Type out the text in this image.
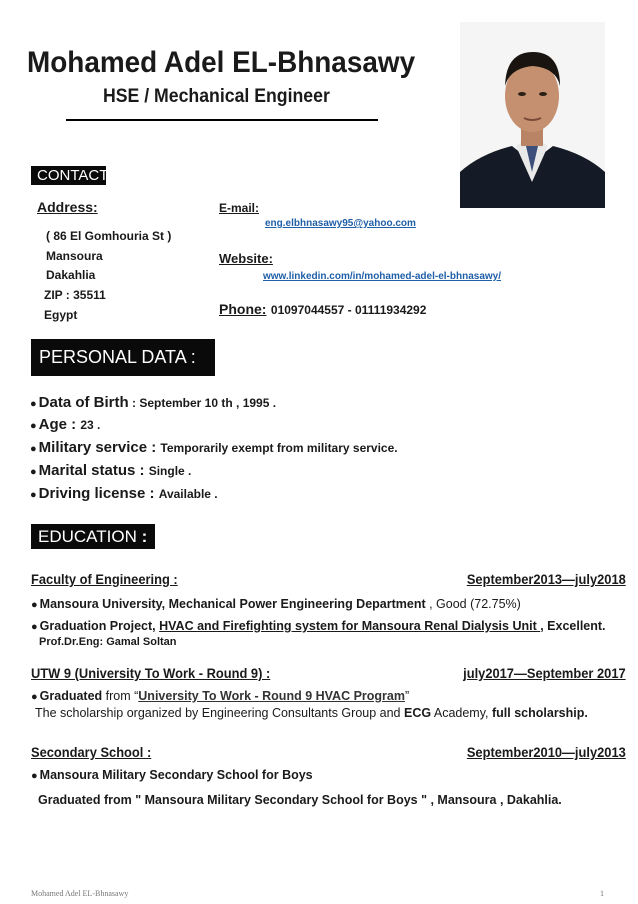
Mohamed Adel EL-Bhnasawy
HSE / Mechanical Engineer
CONTACT :
Address:
( 86 El Gomhouria St )
Mansoura
Dakahlia
ZIP : 35511
Egypt
E-mail:
eng.elbhnasawy95@yahoo.com
Website:
www.linkedin.com/in/mohamed-adel-el-bhnasawy/
Phone: 01097044557 - 01111934292
PERSONAL DATA :
● Data of Birth : September 10 th , 1995 .
● Age : 23 .
● Military service : Temporarily exempt from military service.
● Marital status : Single .
● Driving license : Available .
EDUCATION :
Faculty of Engineering :	September2013—july2018
● Mansoura University, Mechanical Power Engineering Department , Good (72.75%)
● Graduation Project, HVAC and Firefighting system for Mansoura Renal Dialysis Unit , Excellent.
Prof.Dr.Eng: Gamal Soltan
UTW 9 (University To Work - Round 9) :	july2017—September 2017
● Graduated from “University To Work - Round 9 HVAC Program”
The scholarship organized by Engineering Consultants Group and ECG Academy, full scholarship.
Secondary School :	September2010—july2013
● Mansoura Military Secondary School for Boys
Graduated from " Mansoura Military Secondary School for Boys " , Mansoura , Dakahlia.
Mohamed Adel EL-Bhnasawy	1
